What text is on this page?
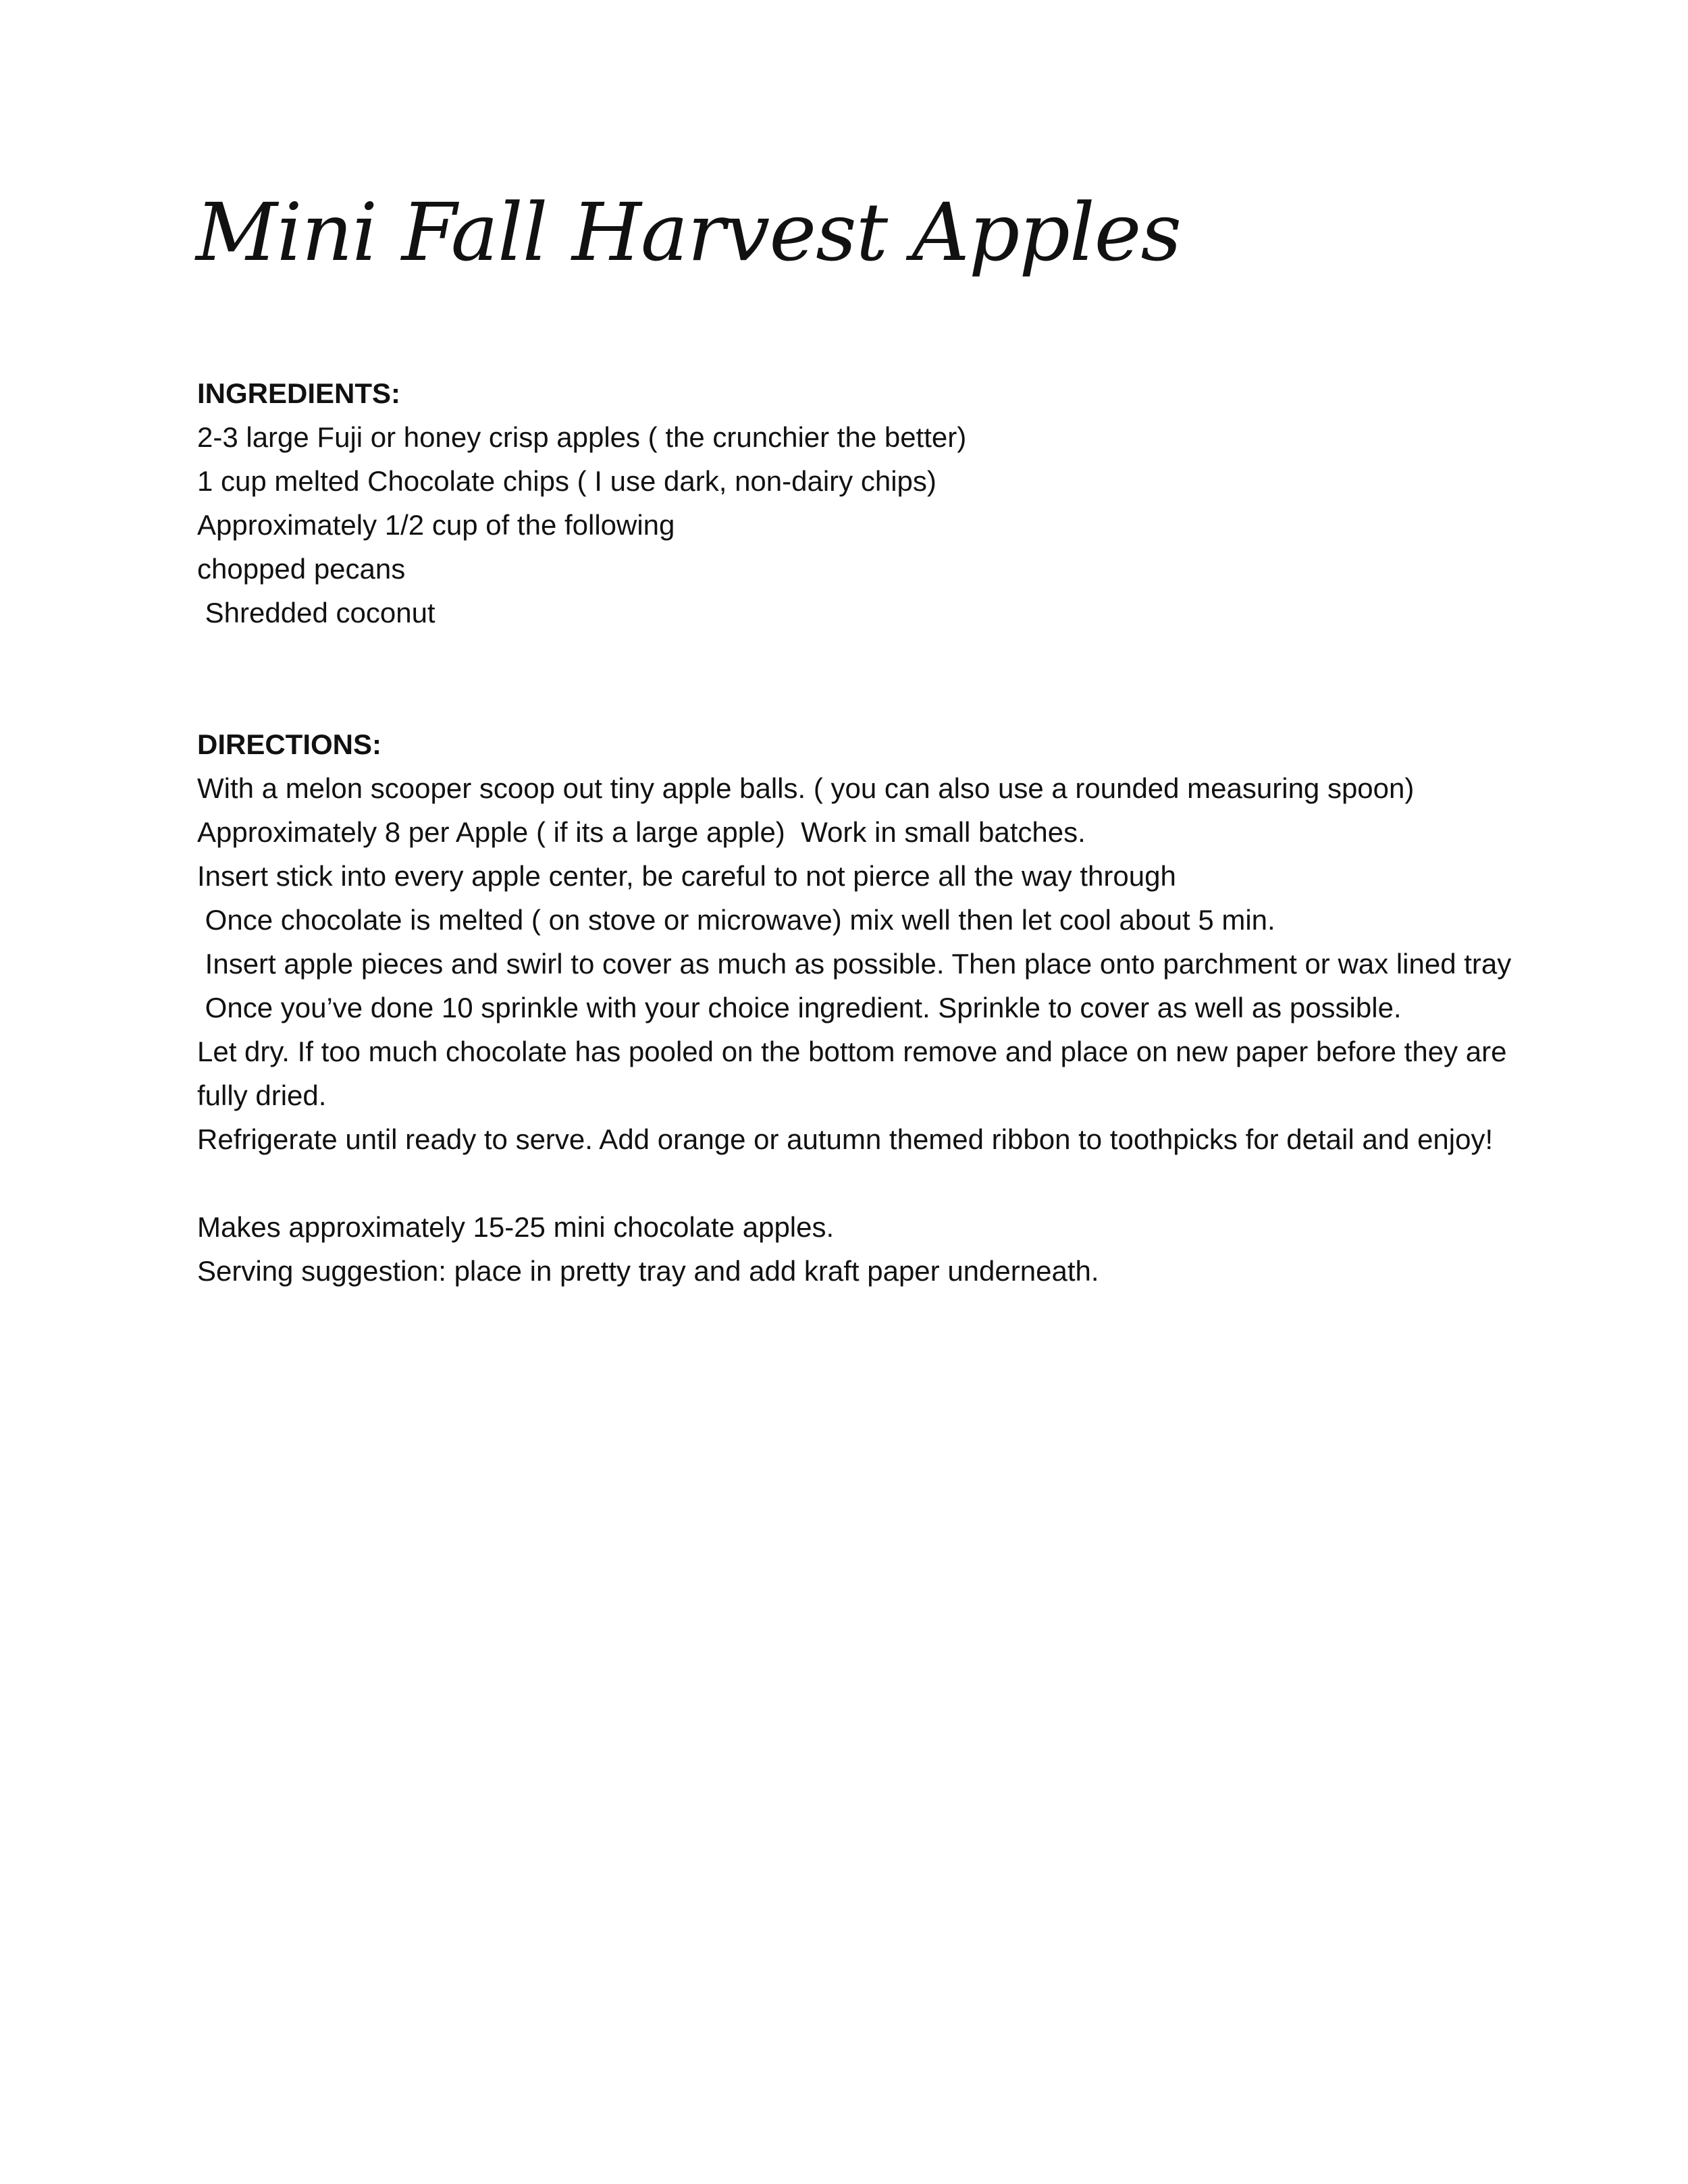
Mini Fall Harvest Apples
INGREDIENTS:
2-3 large Fuji or honey crisp apples ( the crunchier the better)
1 cup melted Chocolate chips ( I use dark, non-dairy chips)
Approximately 1/2 cup of the following
chopped pecans
Shredded coconut
DIRECTIONS:
With a melon scooper scoop out tiny apple balls. ( you can also use a rounded measuring spoon)
Approximately 8 per Apple ( if its a large apple)  Work in small batches.
Insert stick into every apple center, be careful to not pierce all the way through
Once chocolate is melted ( on stove or microwave) mix well then let cool about 5 min.
Insert apple pieces and swirl to cover as much as possible. Then place onto parchment or wax lined tray
Once you’ve done 10 sprinkle with your choice ingredient. Sprinkle to cover as well as possible.
Let dry. If too much chocolate has pooled on the bottom remove and place on new paper before they are fully dried.
Refrigerate until ready to serve. Add orange or autumn themed ribbon to toothpicks for detail and enjoy!
Makes approximately 15-25 mini chocolate apples.
Serving suggestion: place in pretty tray and add kraft paper underneath.
